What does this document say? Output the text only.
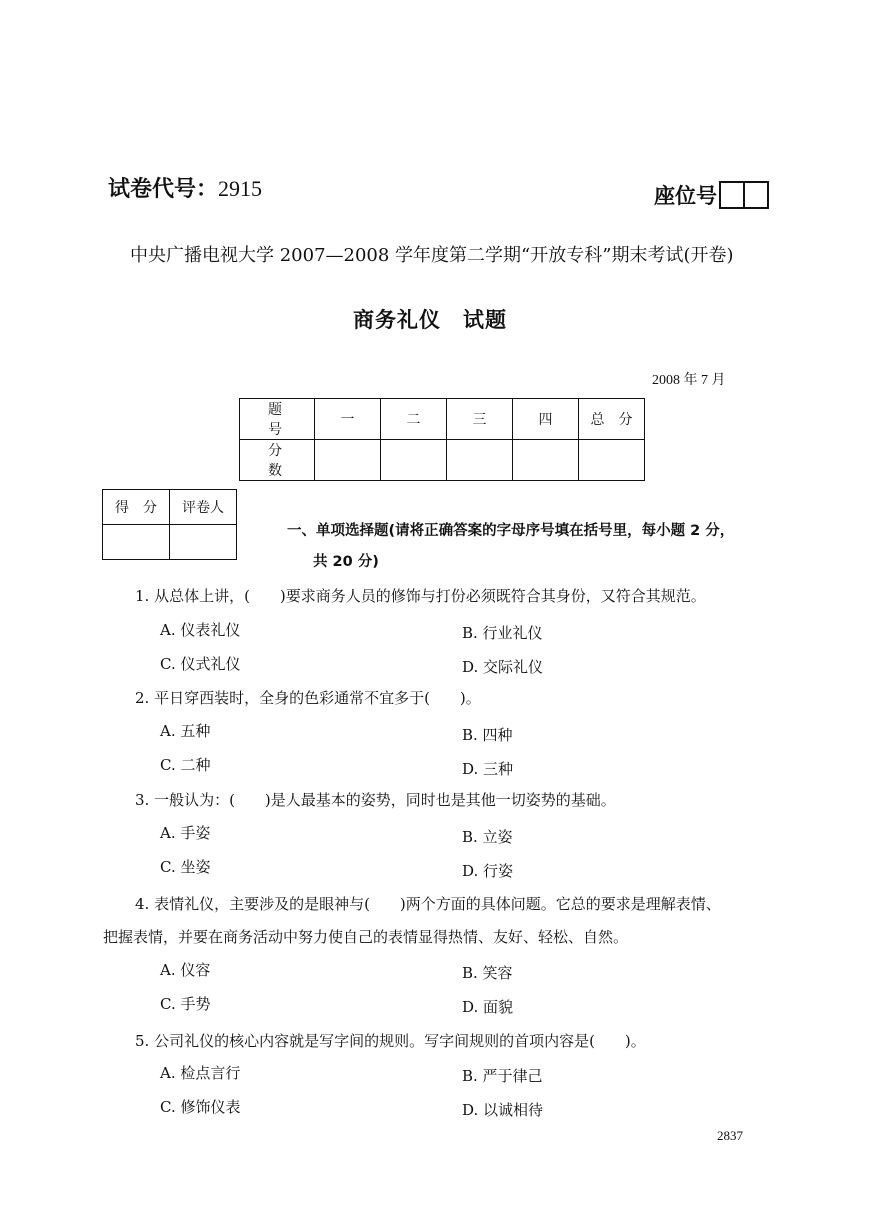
试卷代号：2915	座位号
中央广播电视大学 2007—2008 学年度第二学期“开放专科”期末考试(开卷)
商务礼仪　试题
2008 年 7 月
题　号	一	二	三	四	总　分
分　数					
得　分	评卷人

一、单项选择题(请将正确答案的字母序号填在括号里，每小题 2 分，
共 20 分)
1. 从总体上讲，(　　)要求商务人员的修饰与打份必须既符合其身份，又符合其规范。
A. 仪表礼仪	B. 行业礼仪
C. 仪式礼仪	D. 交际礼仪
2. 平日穿西装时，全身的色彩通常不宜多于(　　)。
A. 五种	B. 四种
C. 二种	D. 三种
3. 一般认为：(　　)是人最基本的姿势，同时也是其他一切姿势的基础。
A. 手姿	B. 立姿
C. 坐姿	D. 行姿
4. 表情礼仪，主要涉及的是眼神与(　　)两个方面的具体问题。它总的要求是理解表情、
把握表情，并要在商务活动中努力使自己的表情显得热情、友好、轻松、自然。
A. 仪容	B. 笑容
C. 手势	D. 面貌
5. 公司礼仪的核心内容就是写字间的规则。写字间规则的首项内容是(　　)。
A. 检点言行	B. 严于律己
C. 修饰仪表	D. 以诚相待
2837
